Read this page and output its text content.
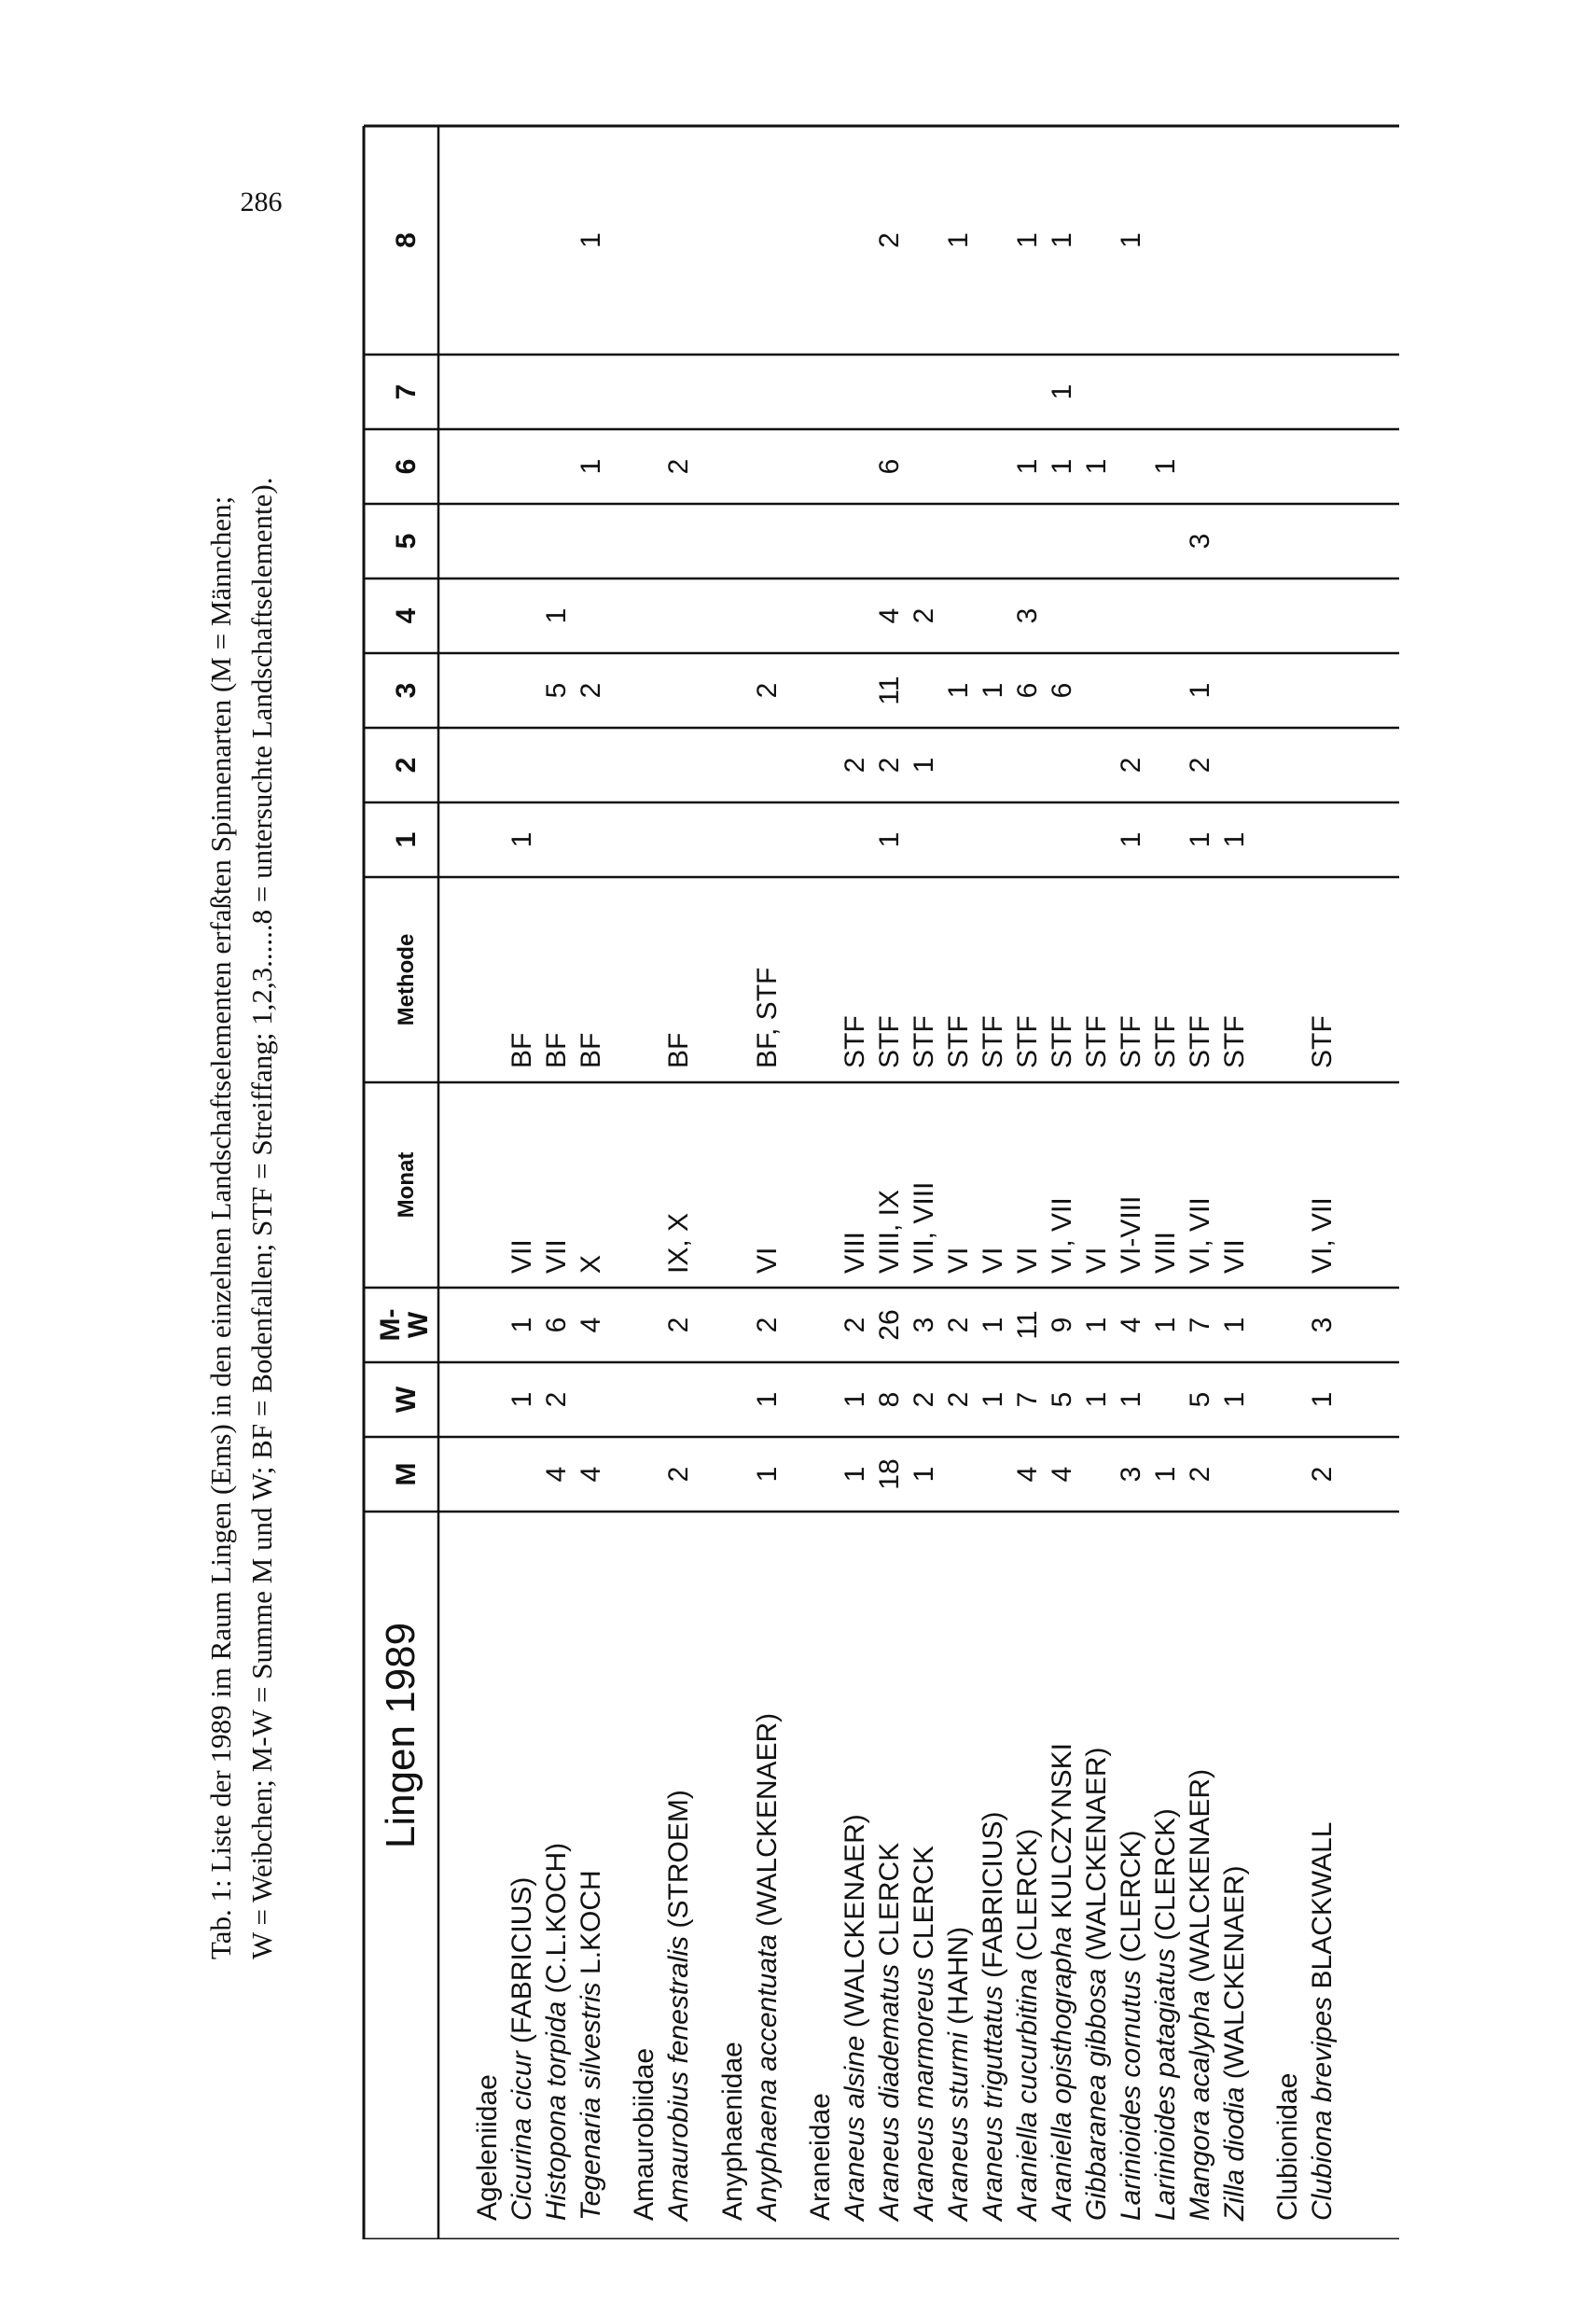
286
Tab. 1: Liste der 1989 im Raum Lingen (Ems) in den einzelnen Landschaftselementen erfaßten Spinnenarten (M = Männchen; W = Weibchen; M-W = Summe M und W; BF = Bodenfallen; STF = Streiffang; 1,2,3......8 = untersuchte Landschaftselemente). Lingen 1989
M
W
M-W
Monat
Methode
1
2
3
4
5
6
7
8
Ageleniidae Cicurina cicur (FABRICIUS)
1
1
VII
BF
1
Histopona torpida (C.L.KOCH)
4
2
6
VII
BF
5
1
Tegenaria silvestris L.KOCH
4
4
X
BF
2
1
1
Amaurobiidae Amaurobius fenestralis (STROEM)
2
2
IX, X
BF
2
Anyphaenidae Anyphaena accentuata (WALCKENAER)
1
1
2
VI
BF, STF
2
Araneidae Araneus alsine (WALCKENAER)
1
1
2
VIII
STF
2
Araneus diadematus CLERCK
18
8
26
VIII, IX
STF
1
2
11
4
6
2
Araneus marmoreus CLERCK
1
2
3
VII, VIII
STF
1
2
Araneus sturmi (HAHN)
2
2
VI
STF
1
1
Araneus triguttatus (FABRICIUS)
1
1
VI
STF
1
Araniella cucurbitina (CLERCK)
4
7
11
VI
STF
6
3
1
1
Araniella opisthographa KULCZYNSKI
4
5
9
VI, VII
STF
6
1
1
1
Gibbaranea gibbosa (WALCKENAER)
1
1
VI
STF
1
Larinioides cornutus (CLERCK)
3
1
4
VI-VIII
STF
1
2
1
Larinioides patagiatus (CLERCK)
1
1
VIII
STF
1
Mangora acalypha (WALCKENAER)
2
5
7
VI, VII
STF
1
2
1
3
Zilla diodia (WALCKENAER)
1
1
VII
STF
1
Clubionidae Clubiona brevipes BLACKWALL
2
1
3
VI, VII
STF
